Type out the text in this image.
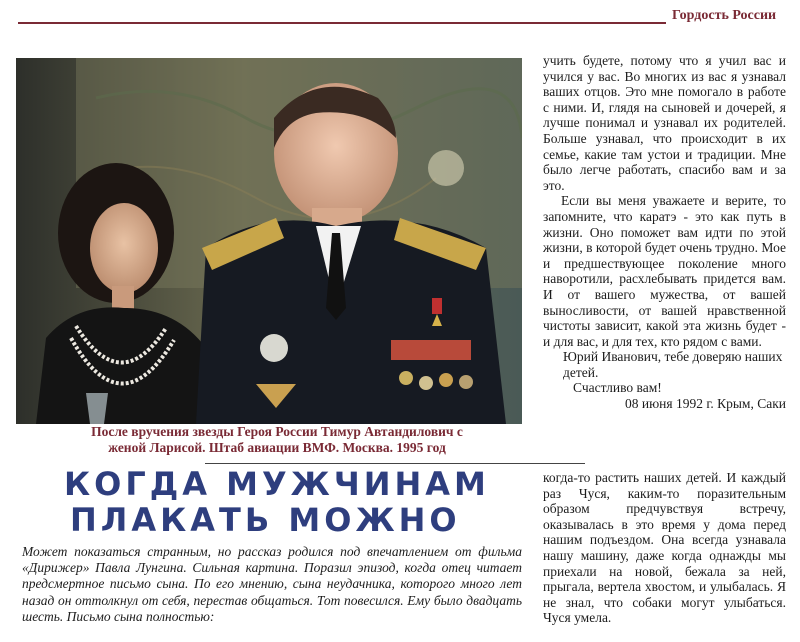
Гордость России
После вручения звезды Героя России Тимур Автандилович с
женой Ларисой. Штаб авиации ВМФ. Москва. 1995 год

учить будете, потому что я учил вас и учился у вас. Во многих из вас я узнавал ваших отцов. Это мне помогало в работе с ними. И, глядя на сыновей и дочерей, я лучше понимал и узнавал их родителей. Больше узнавал, что происходит в их семье, какие там устои и традиции. Мне было легче работать, спасибо вам и за это.

Если вы меня уважаете и верите, то запомните, что каратэ - это как путь в жизни. Оно поможет вам идти по этой жизни, в которой будет очень трудно. Мое и предшествующее поколение много наворотили, расхлебывать придется вам. И от вашего мужества, от вашей выносливости, от вашей нравственной чистоты зависит, какой эта жизнь будет - и для вас, и для тех, кто рядом с вами.

Юрий Иванович, тебе доверяю наших детей.

Счастливо вам!

08 июня 1992 г. Крым, Саки

КОГДА МУЖЧИНАМ
ПЛАКАТЬ МОЖНО
Может показаться странным, но рассказ родился под впечатлением от фильма «Дирижер» Павла Лунгина. Сильная картина. Поразил эпизод, когда отец читает предсмертное письмо сына. По его мнению, сына неудачника, которого много лет назад он оттолкнул от себя, перестав общаться. Тот повесился. Ему было двадцать шесть. Письмо сына полностью:

когда-то растить наших детей. И каждый раз Чуся, каким-то поразительным образом предчувствуя встречу, оказывалась в это время у дома перед нашим подъездом. Она всегда узнавала нашу машину, даже когда однажды мы приехали на новой, бежала за ней, прыгала, вертела хвостом, и улыбалась. Я не знал, что собаки могут улыбаться. Чуся умела.
